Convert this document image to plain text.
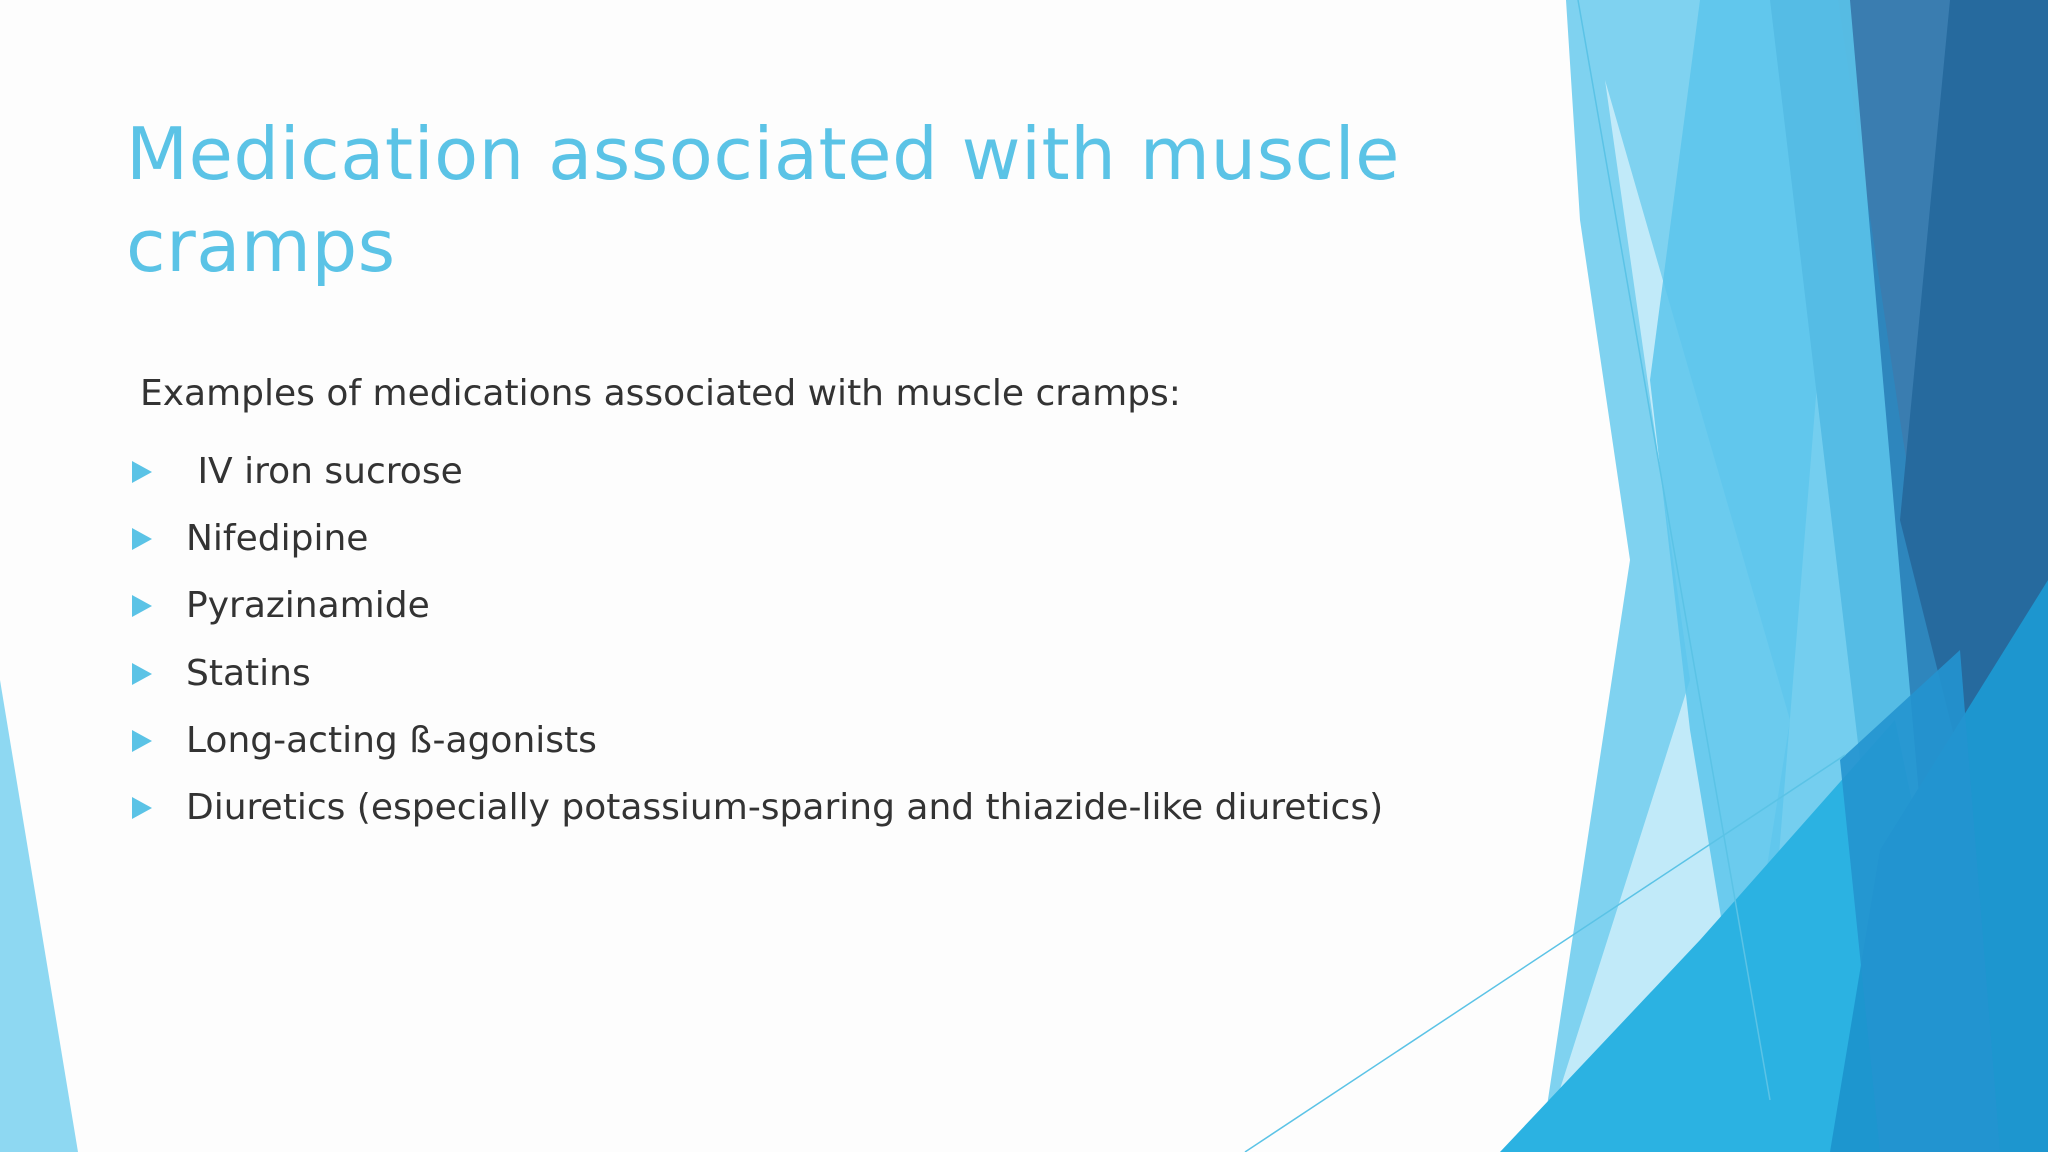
Medication associated with muscle cramps

Examples of medications associated with muscle cramps:

IV iron sucrose
Nifedipine
Pyrazinamide
Statins
Long-acting ß-agonists
Diuretics (especially potassium-sparing and thiazide-like diuretics)
